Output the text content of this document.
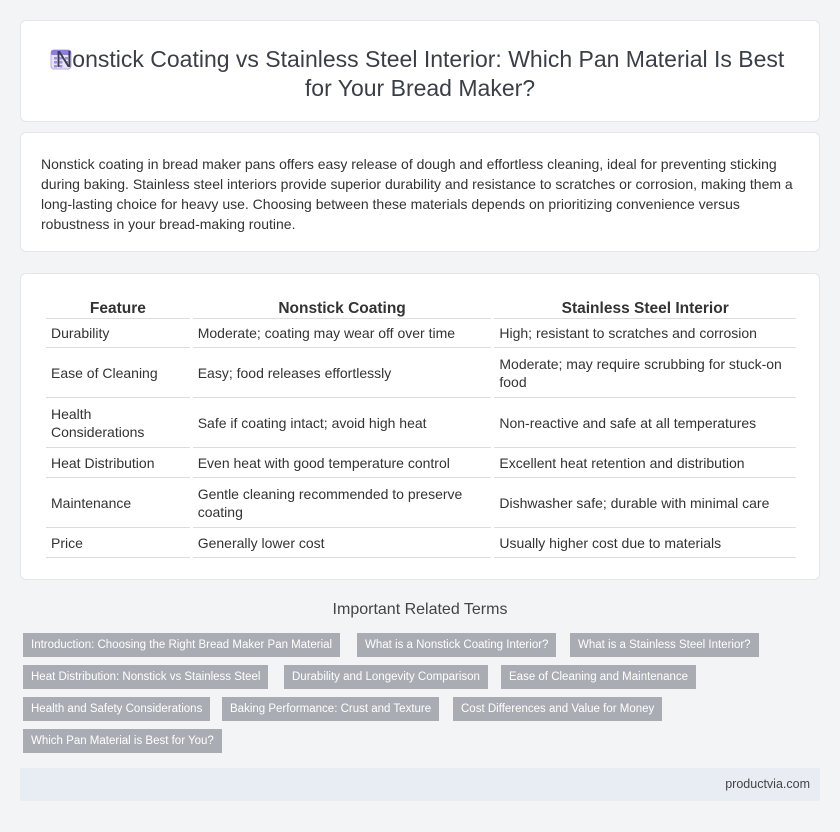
Nonstick Coating vs Stainless Steel Interior: Which Pan Material Is Best for Your Bread Maker?

Nonstick coating in bread maker pans offers easy release of dough and effortless cleaning, ideal for preventing sticking during baking. Stainless steel interiors provide superior durability and resistance to scratches or corrosion, making them a long-lasting choice for heavy use. Choosing between these materials depends on prioritizing convenience versus robustness in your bread-making routine.

Feature	Nonstick Coating	Stainless Steel Interior
Durability	Moderate; coating may wear off over time	High; resistant to scratches and corrosion
Ease of Cleaning	Easy; food releases effortlessly	Moderate; may require scrubbing for stuck-on food
Health Considerations	Safe if coating intact; avoid high heat	Non-reactive and safe at all temperatures
Heat Distribution	Even heat with good temperature control	Excellent heat retention and distribution
Maintenance	Gentle cleaning recommended to preserve coating	Dishwasher safe; durable with minimal care
Price	Generally lower cost	Usually higher cost due to materials
Important Related Terms
Introduction: Choosing the Right Bread Maker Pan Material	What is a Nonstick Coating Interior?	What is a Stainless Steel Interior?
Heat Distribution: Nonstick vs Stainless Steel	Durability and Longevity Comparison	Ease of Cleaning and Maintenance
Health and Safety Considerations	Baking Performance: Crust and Texture	Cost Differences and Value for Money
Which Pan Material is Best for You?
productvia.com
